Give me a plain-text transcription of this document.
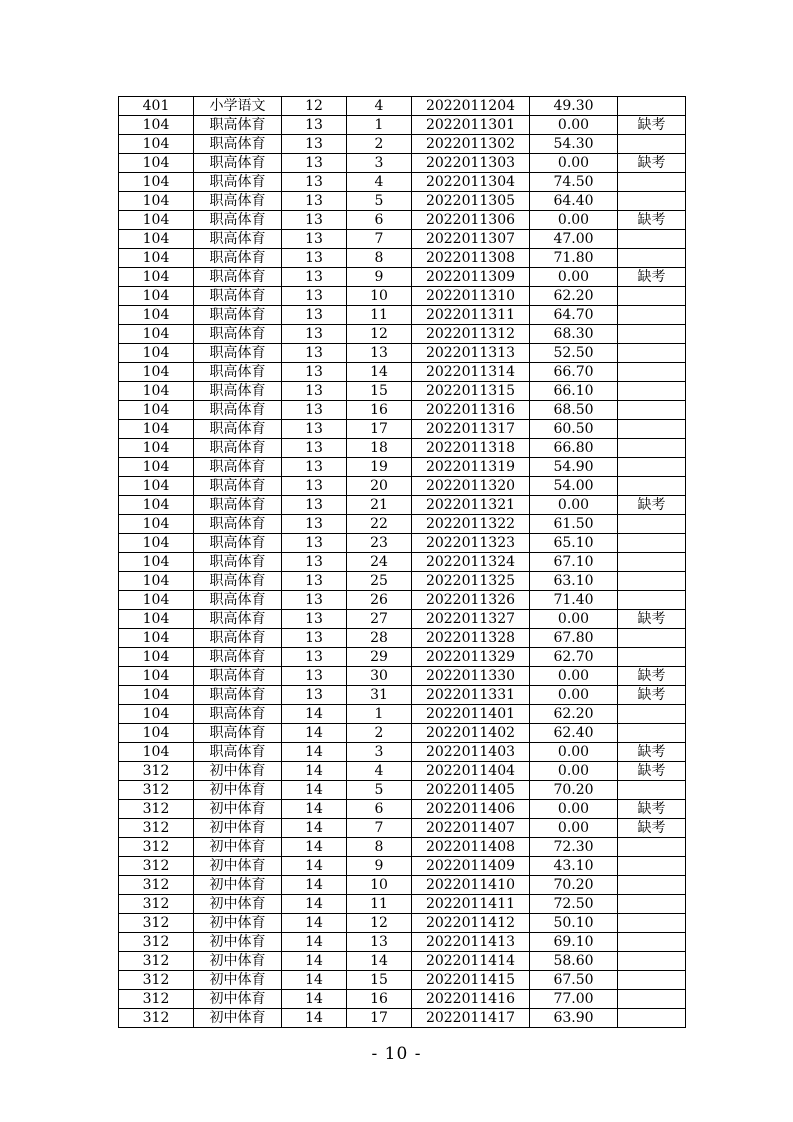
401	小学语文	12	4	2022011204	49.30	
104	职高体育	13	1	2022011301	0.00	缺考
104	职高体育	13	2	2022011302	54.30	
104	职高体育	13	3	2022011303	0.00	缺考
104	职高体育	13	4	2022011304	74.50	
104	职高体育	13	5	2022011305	64.40	
104	职高体育	13	6	2022011306	0.00	缺考
104	职高体育	13	7	2022011307	47.00	
104	职高体育	13	8	2022011308	71.80	
104	职高体育	13	9	2022011309	0.00	缺考
104	职高体育	13	10	2022011310	62.20	
104	职高体育	13	11	2022011311	64.70	
104	职高体育	13	12	2022011312	68.30	
104	职高体育	13	13	2022011313	52.50	
104	职高体育	13	14	2022011314	66.70	
104	职高体育	13	15	2022011315	66.10	
104	职高体育	13	16	2022011316	68.50	
104	职高体育	13	17	2022011317	60.50	
104	职高体育	13	18	2022011318	66.80	
104	职高体育	13	19	2022011319	54.90	
104	职高体育	13	20	2022011320	54.00	
104	职高体育	13	21	2022011321	0.00	缺考
104	职高体育	13	22	2022011322	61.50	
104	职高体育	13	23	2022011323	65.10	
104	职高体育	13	24	2022011324	67.10	
104	职高体育	13	25	2022011325	63.10	
104	职高体育	13	26	2022011326	71.40	
104	职高体育	13	27	2022011327	0.00	缺考
104	职高体育	13	28	2022011328	67.80	
104	职高体育	13	29	2022011329	62.70	
104	职高体育	13	30	2022011330	0.00	缺考
104	职高体育	13	31	2022011331	0.00	缺考
104	职高体育	14	1	2022011401	62.20	
104	职高体育	14	2	2022011402	62.40	
104	职高体育	14	3	2022011403	0.00	缺考
312	初中体育	14	4	2022011404	0.00	缺考
312	初中体育	14	5	2022011405	70.20	
312	初中体育	14	6	2022011406	0.00	缺考
312	初中体育	14	7	2022011407	0.00	缺考
312	初中体育	14	8	2022011408	72.30	
312	初中体育	14	9	2022011409	43.10	
312	初中体育	14	10	2022011410	70.20	
312	初中体育	14	11	2022011411	72.50	
312	初中体育	14	12	2022011412	50.10	
312	初中体育	14	13	2022011413	69.10	
312	初中体育	14	14	2022011414	58.60	
312	初中体育	14	15	2022011415	67.50	
312	初中体育	14	16	2022011416	77.00	
312	初中体育	14	17	2022011417	63.90	
- 10 -
